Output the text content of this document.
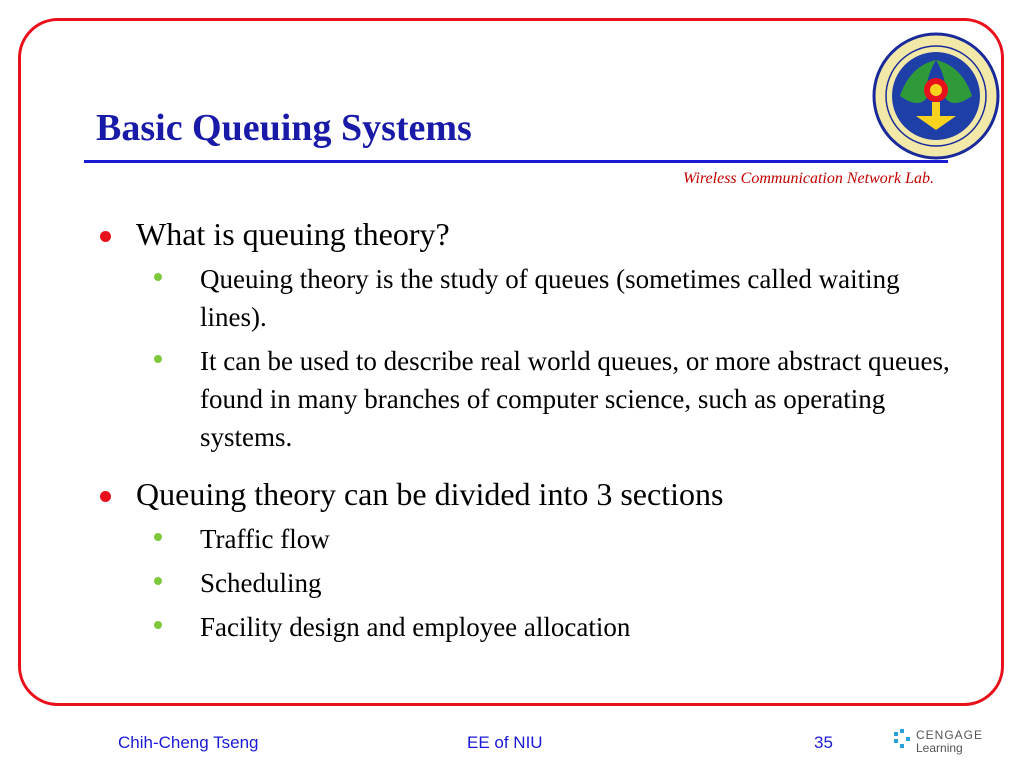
Basic Queuing Systems
Wireless Communication Network Lab.
What is queuing theory?
Queuing theory is the study of queues (sometimes called waiting lines).
It can be used to describe real world queues, or more abstract queues, found in many branches of computer science, such as operating systems.
Queuing theory can be divided into 3 sections
Traffic flow
Scheduling
Facility design and employee allocation
Chih-Cheng Tseng	EE of NIU	35	CENGAGE
Learning
